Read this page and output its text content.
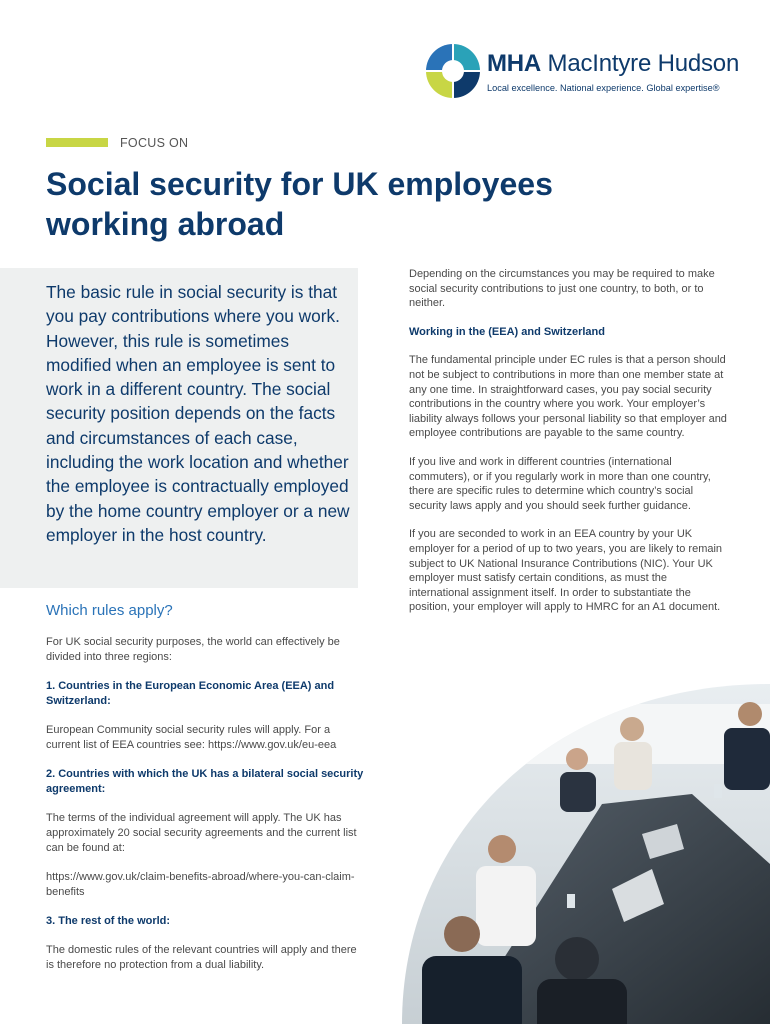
MHA MacIntyre Hudson
Local excellence. National experience. Global expertise®
FOCUS ON
Social security for UK employees working abroad

The basic rule in social security is that you pay contributions where you work. However, this rule is sometimes modified when an employee is sent to work in a different country. The social security position depends on the facts and circumstances of each case, including the work location and whether the employee is contractually employed by the home country employer or a new employer in the host country.

Which rules apply?

For UK social security purposes, the world can effectively be divided into three regions:

1. Countries in the European Economic Area (EEA) and Switzerland:

European Community social security rules will apply. For a current list of EEA countries see: https://www.gov.uk/eu-eea

2. Countries with which the UK has a bilateral social security agreement:

The terms of the individual agreement will apply. The UK has approximately 20 social security agreements and the current list can be found at:

https://www.gov.uk/claim-benefits-abroad/where-you-can-claim-benefits

3. The rest of the world:

The domestic rules of the relevant countries will apply and there is therefore no protection from a dual liability.

Depending on the circumstances you may be required to make social security contributions to just one country, to both, or to neither.

Working in the (EEA) and Switzerland

The fundamental principle under EC rules is that a person should not be subject to contributions in more than one member state at any one time. In straightforward cases, you pay social security contributions in the country where you work. Your employer’s liability always follows your personal liability so that employer and employee contributions are payable to the same country.

If you live and work in different countries (international commuters), or if you regularly work in more than one country, there are specific rules to determine which country’s social security laws apply and you should seek further guidance.

If you are seconded to work in an EEA country by your UK employer for a period of up to two years, you are likely to remain subject to UK National Insurance Contributions (NIC). Your UK employer must satisfy certain conditions, as must the international assignment itself. In order to substantiate the position, your employer will apply to HMRC for an A1 document.
